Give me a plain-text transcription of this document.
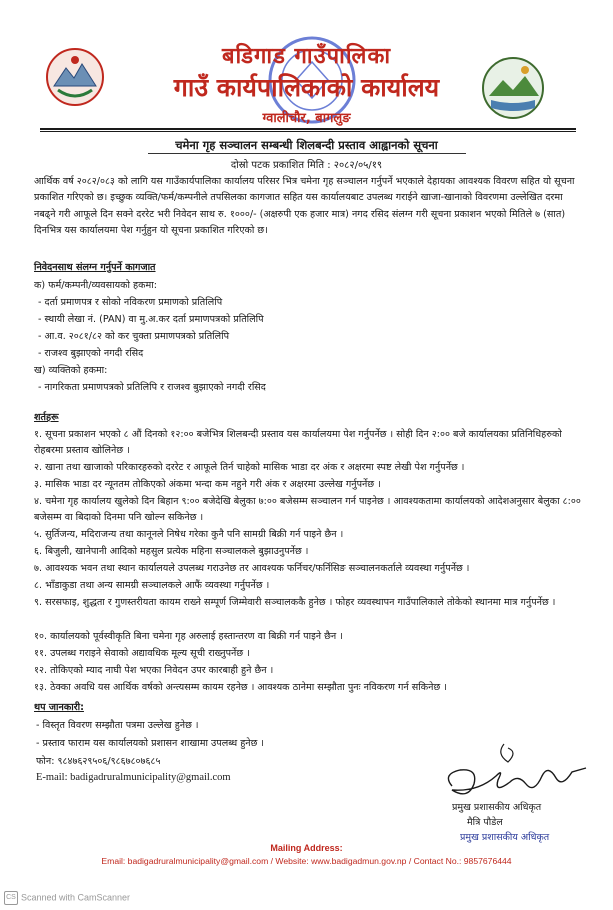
बडिगाड गाउँपालिका
गाउँ कार्यपालिकाको कार्यालय
ग्वालीचौर, बागलुङ
चमेना गृह सञ्चालन सम्बन्धी शिलबन्दी प्रस्ताव आह्वानको सूचना
दोस्रो पटक प्रकाशित मिति : २०८२/०५/१९
आर्थिक वर्ष २०८२/०८३ को लागि यस गाउँकार्यपालिका कार्यालय परिसर भित्र चमेना गृह सञ्चालन गर्नुपर्ने भएकाले देहायका आवश्यक विवरण सहित यो सूचना प्रकाशित गरिएको छ। इच्छुक व्यक्ति/फर्म/कम्पनीले तपसिलका कागजात सहित यस कार्यालयबाट उपलब्ध गराईने खाजा-खानाको विवरणमा उल्लेखित दरमा नबढ्ने गरी आफूले दिन सक्ने दररेट भरी निवेदन साथ रु. १०००/- (अक्षरुपी एक हजार मात्र) नगद रसिद संलग्न गरी सूचना प्रकाशन भएको मितिले ७ (सात) दिनभित्र यस कार्यालयमा पेश गर्नुहुन यो सूचना प्रकाशित गरिएको छ।
निवेदनसाथ संलग्न गर्नुपर्ने कागजात
क) फर्म/कम्पनी/व्यवसायको हकमा:
- दर्ता प्रमाणपत्र र सोको नविकरण प्रमाणको प्रतिलिपि
- स्थायी लेखा नं. (PAN) वा मु.अ.कर दर्ता प्रमाणपत्रको प्रतिलिपि
- आ.व. २०८१/८२ को कर चुक्ता प्रमाणपत्रको प्रतिलिपि
- राजश्व बुझाएको नगदी रसिद
ख) व्यक्तिको हकमा:
- नागरिकता प्रमाणपत्रको प्रतिलिपि र राजश्व बुझाएको नगदी रसिद
शर्तहरू
१. सूचना प्रकाशन भएको ८ औं दिनको १२:०० बजेभित्र शिलबन्दी प्रस्ताव यस कार्यालयमा पेश गर्नुपर्नेछ । सोही दिन २:०० बजे कार्यालयका प्रतिनिधिहरुको रोहबरमा प्रस्ताव खोलिनेछ ।
२. खाना तथा खाजाको परिकारहरुको दररेट र आफूले तिर्न चाहेको मासिक भाडा दर अंक र अक्षरमा स्पष्ट लेखी पेश गर्नुपर्नेछ ।
३. मासिक भाडा दर न्यूनतम तोकिएको अंकमा भन्दा कम नहुने गरी अंक र अक्षरमा उल्लेख गर्नुपर्नेछ ।
४. चमेना गृह कार्यालय खुलेको दिन बिहान ९:०० बजेदेखि बेलुका ७:०० बजेसम्म सञ्चालन गर्न पाइनेछ । आवश्यकतामा कार्यालयको आदेशअनुसार बेलुका ८:०० बजेसम्म वा बिदाको दिनमा पनि खोल्न सकिनेछ ।
५. सुर्तिजन्य, मदिराजन्य तथा कानूनले निषेध गरेका कुनै पनि सामग्री बिक्री गर्न पाइने छैन ।
६. बिजुली, खानेपानी आदिको महसुल प्रत्येक महिना सञ्चालकले बुझाउनुपर्नेछ ।
७. आवश्यक भवन तथा स्थान कार्यालयले उपलब्ध गराउनेछ तर आवश्यक फर्निचर/फर्निसिङ सञ्चालनकर्ताले व्यवस्था गर्नुपर्नेछ ।
८. भाँडाकुडा तथा अन्य सामग्री सञ्चालकले आफैं व्यवस्था गर्नुपर्नेछ ।
९. सरसफाइ, शुद्धता र गुणस्तरीयता कायम राख्ने सम्पूर्ण जिम्मेवारी सञ्चालककै हुनेछ । फोहर व्यवस्थापन गाउँपालिकाले तोकेको स्थानमा मात्र गर्नुपर्नेछ ।
१०. कार्यालयको पूर्वस्वीकृति बिना चमेना गृह अरुलाई हस्तान्तरण वा बिक्री गर्न पाइने छैन ।
११. उपलब्ध गराइने सेवाको अद्यावधिक मूल्य सूची राख्नुपर्नेछ ।
१२. तोकिएको म्याद नाघी पेश भएका निवेदन उपर कारबाही हुने छैन ।
१३. ठेक्का अवधि यस आर्थिक वर्षको अन्त्यसम्म कायम रहनेछ । आवश्यक ठानेमा सम्झौता पुनः नविकरण गर्न सकिनेछ ।
थप जानकारी:
- विस्तृत विवरण सम्झौता पत्रमा उल्लेख हुनेछ ।
- प्रस्ताव फाराम यस कार्यालयको प्रशासन शाखामा उपलब्ध हुनेछ ।
फोन: ९८४७६२९५०६/९८६७८०७६८५
E-mail: badigadruralmunicipality@gmail.com
प्रमुख प्रशासकीय अधिकृत
मैत्रि पौडेल
प्रमुख प्रशासकीय अधिकृत
Mailing Address:
Email: badigadruralmunicipality@gmail.com / Website: www.badigadmun.gov.np / Contact No.: 9857676444
CS Scanned with CamScanner
